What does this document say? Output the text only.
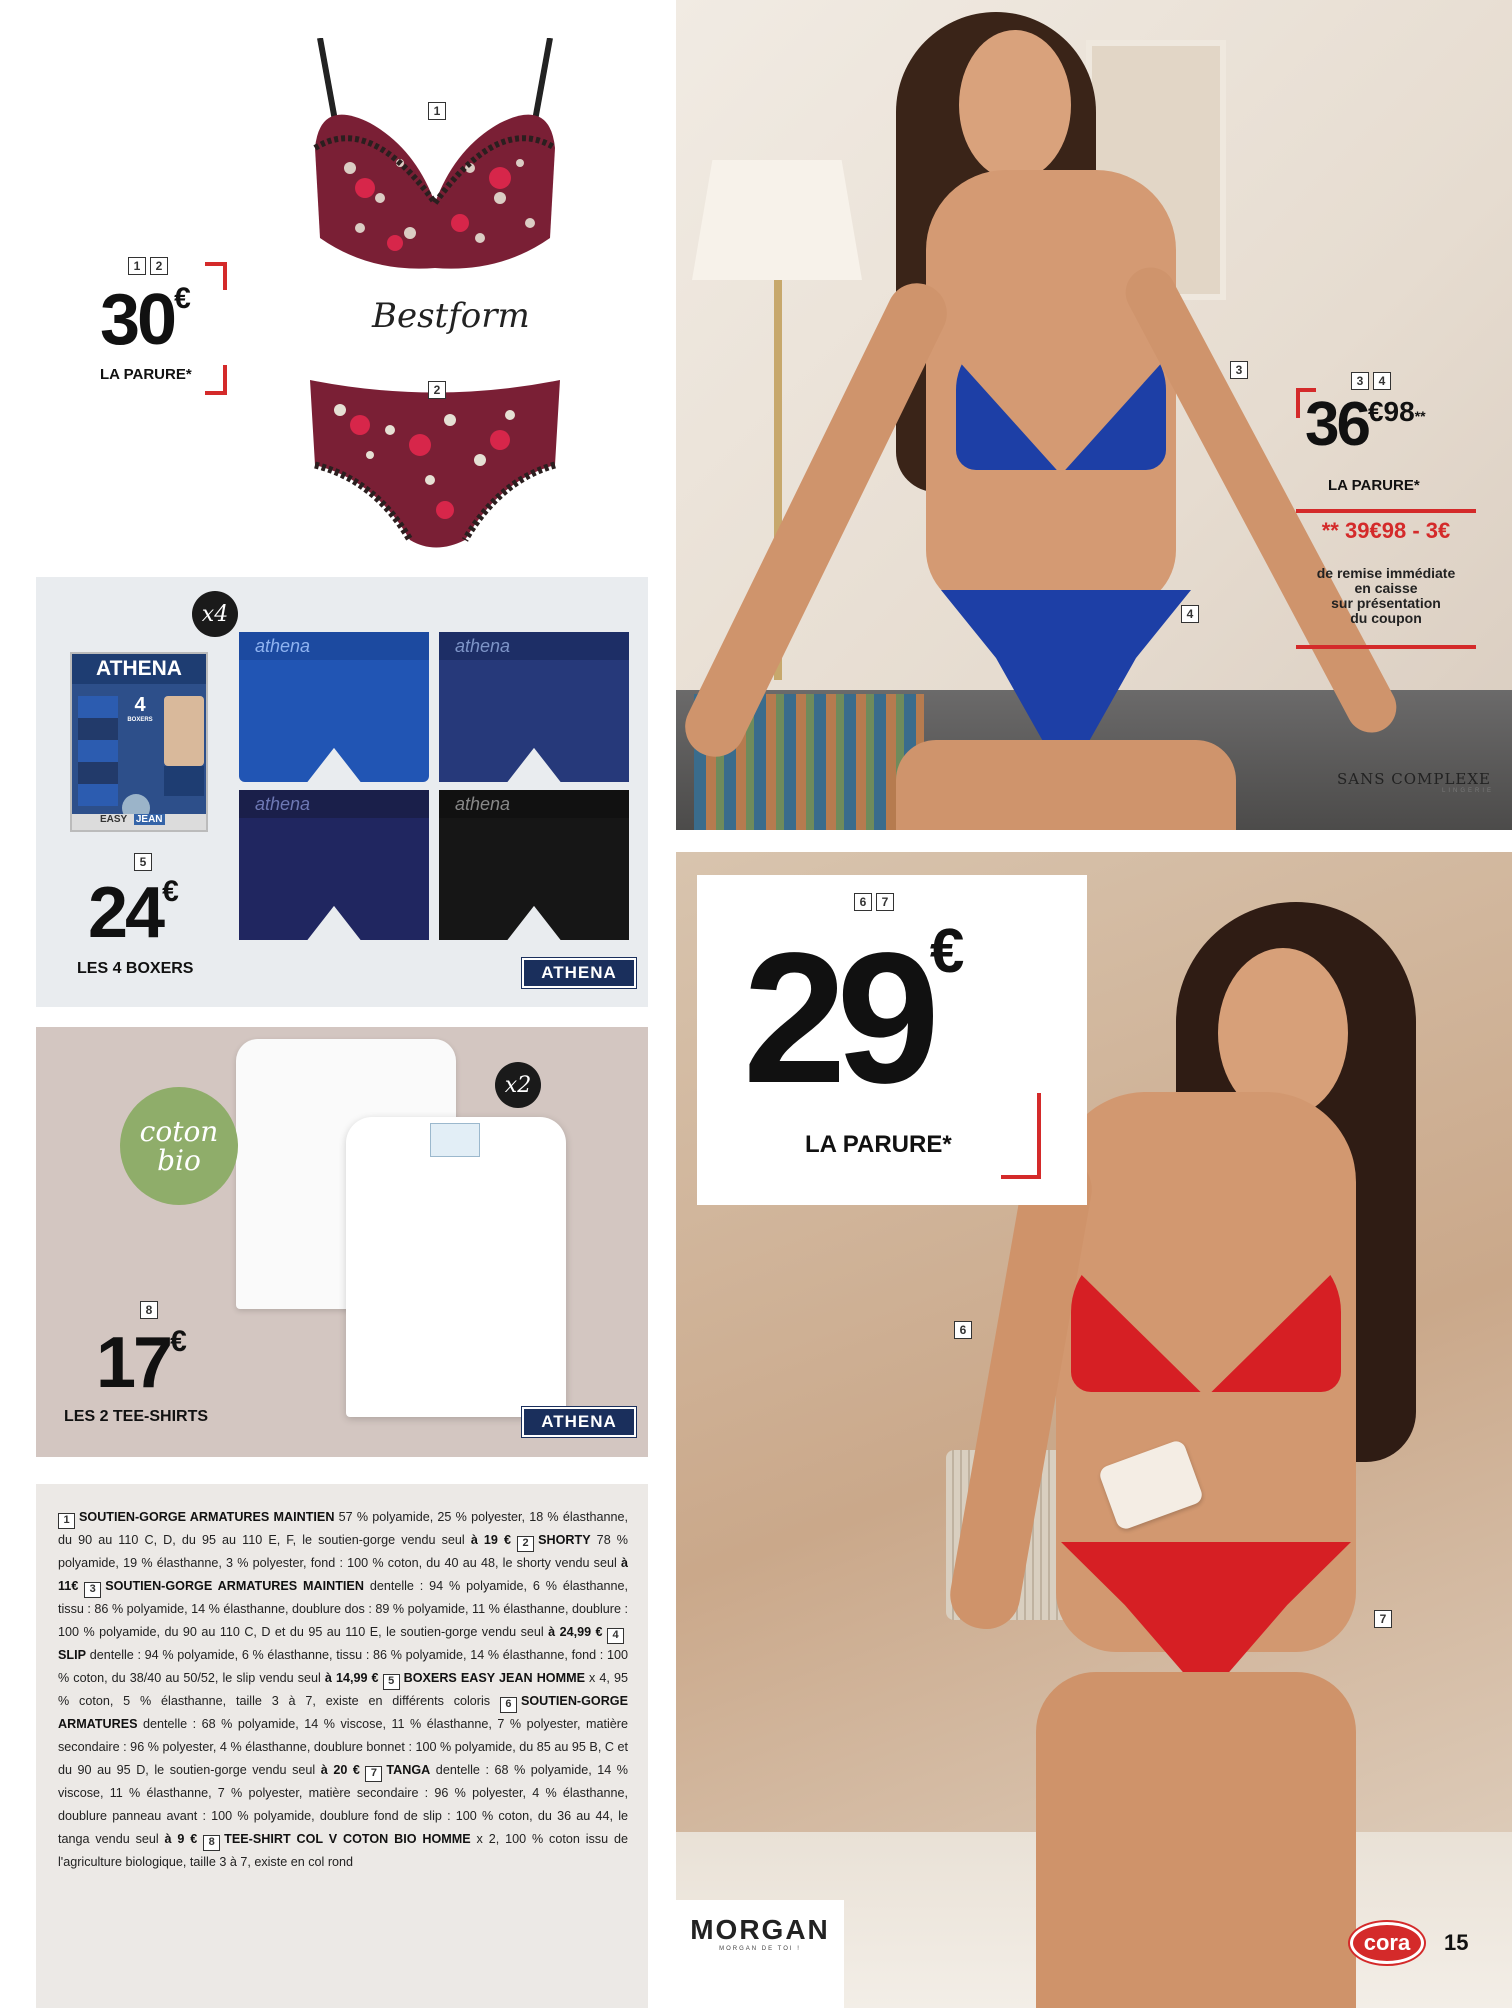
1
Bestform
2
1 2
30€
LA PARURE*
ATHENA
4
BOXERS
EASY JEAN
athena	athena
athena	athena
x4
5
24€
LES 4 BOXERS	ATHENA
coton
bio
x2
8
17€
LES 2 TEE-SHIRTS	ATHENA
1 SOUTIEN-GORGE ARMATURES MAINTIEN 57 % polyamide, 25 % polyester, 18 % élasthanne, du 90 au 110 C, D, du 95 au 110 E, F, le soutien-gorge vendu seul à 19 € 2 SHORTY 78 % polyamide, 19 % élasthanne, 3 % polyester, fond : 100 % coton, du 40 au 48, le shorty vendu seul à 11€ 3 SOUTIEN-GORGE ARMATURES MAINTIEN dentelle : 94 % polyamide, 6 % élasthanne, tissu : 86 % polyamide, 14 % élasthanne, doublure dos : 89 % polyamide, 11 % élasthanne, doublure : 100 % polyamide, du 90 au 110 C, D et du 95 au 110 E, le soutien-gorge vendu seul à 24,99 € 4SLIP dentelle : 94 % polyamide, 6 % élasthanne, tissu : 86 % polyamide, 14 % élasthanne, fond : 100 % coton, du 38/40 au 50/52, le slip vendu seul à 14,99 € 5 BOXERS EASY JEAN HOMME x 4, 95 % coton, 5 % élasthanne, taille 3 à 7, existe en différents coloris 6 SOUTIEN-GORGE ARMATURES dentelle : 68 % polyamide, 14 % viscose, 11 % élasthanne, 7 % polyester, matière secondaire : 96 % polyester, 4 % élasthanne, doublure bonnet : 100 % polyamide, du 85 au 95 B, C et du 90 au 95 D, le soutien-gorge vendu seul à 20 € 7 TANGA dentelle : 68 % polyamide, 14 % viscose, 11 % élasthanne, 7 % polyester, matière secondaire : 96 % polyester, 4 % élasthanne, doublure panneau avant : 100 % polyamide, doublure fond de slip : 100 % coton, du 36 au 44, le tanga vendu seul à 9 € 8 TEE-SHIRT COL V COTON BIO HOMME x 2, 100 % coton issu de l'agriculture biologique, taille 3 à 7, existe en col rond
3
4
3 4
$36^{€98**}$
LA PARURE*
** 39€98 - 3€
de remise immédiate
en caisse
sur présentation
du coupon
SANS COMPLEXE
LINGERIE
6
7
6 7
29€
LA PARURE*
MORGAN
MORGAN DE TOI !	cora 15
